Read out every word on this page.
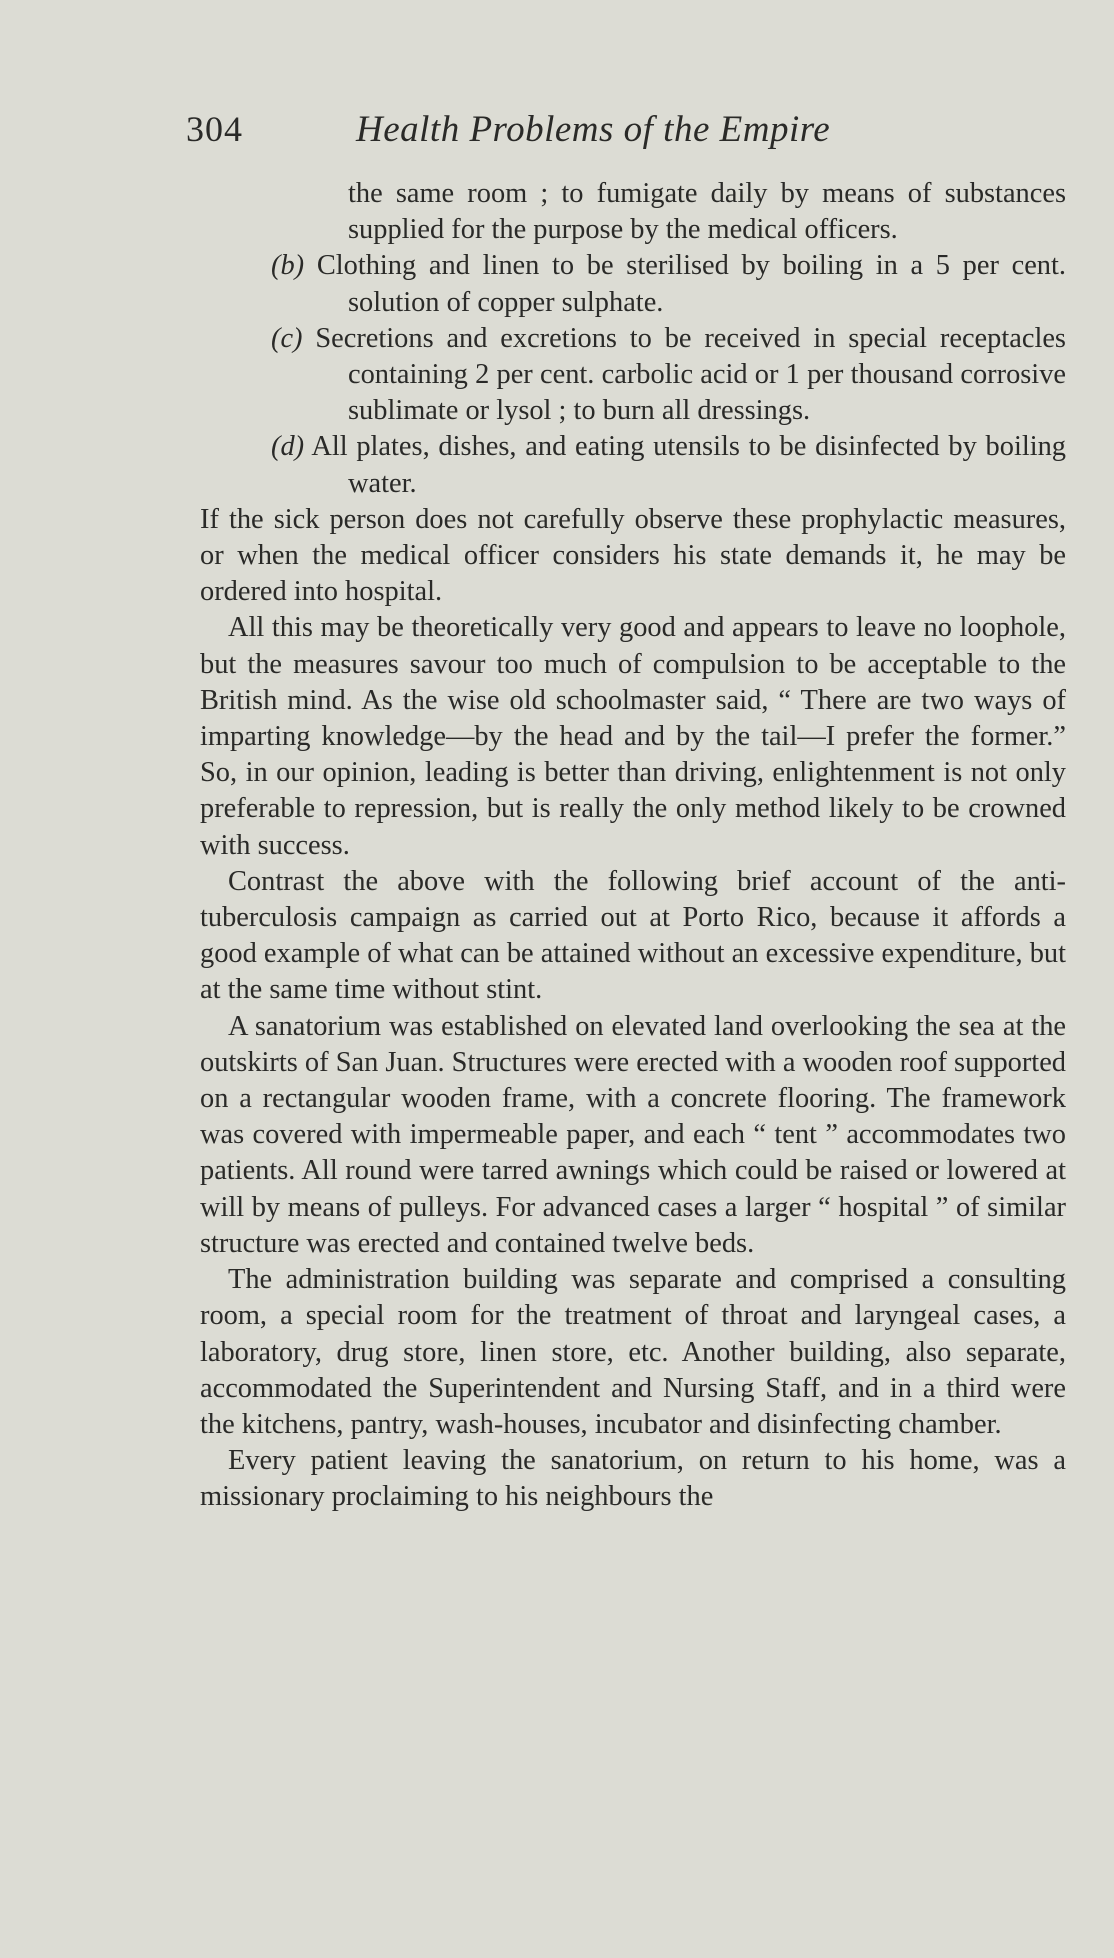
304	Health Problems of the Empire

the same room ; to fumigate daily by means of substances supplied for the purpose by the medical officers.

(b) Clothing and linen to be sterilised by boiling in a 5 per cent. solution of copper sulphate.

(c) Secretions and excretions to be received in special receptacles containing 2 per cent. carbolic acid or 1 per thousand corrosive sublimate or lysol ; to burn all dressings.

(d) All plates, dishes, and eating utensils to be disinfected by boiling water.

If the sick person does not carefully observe these prophylactic measures, or when the medical officer considers his state demands it, he may be ordered into hospital.

All this may be theoretically very good and appears to leave no loophole, but the measures savour too much of compulsion to be acceptable to the British mind. As the wise old schoolmaster said, “ There are two ways of imparting knowledge—by the head and by the tail—I prefer the former.” So, in our opinion, leading is better than driving, enlightenment is not only preferable to repression, but is really the only method likely to be crowned with success.

Contrast the above with the following brief account of the anti-tuberculosis campaign as carried out at Porto Rico, because it affords a good example of what can be attained without an excessive expenditure, but at the same time without stint.

A sanatorium was established on elevated land overlooking the sea at the outskirts of San Juan. Structures were erected with a wooden roof supported on a rectangular wooden frame, with a concrete flooring. The framework was covered with impermeable paper, and each “ tent ” accommodates two patients. All round were tarred awnings which could be raised or lowered at will by means of pulleys. For advanced cases a larger “ hospital ” of similar structure was erected and contained twelve beds.

The administration building was separate and comprised a consulting room, a special room for the treatment of throat and laryngeal cases, a laboratory, drug store, linen store, etc. Another building, also separate, accommodated the Superintendent and Nursing Staff, and in a third were the kitchens, pantry, wash-houses, incubator and disinfecting chamber.

Every patient leaving the sanatorium, on return to his home, was a missionary proclaiming to his neighbours the
